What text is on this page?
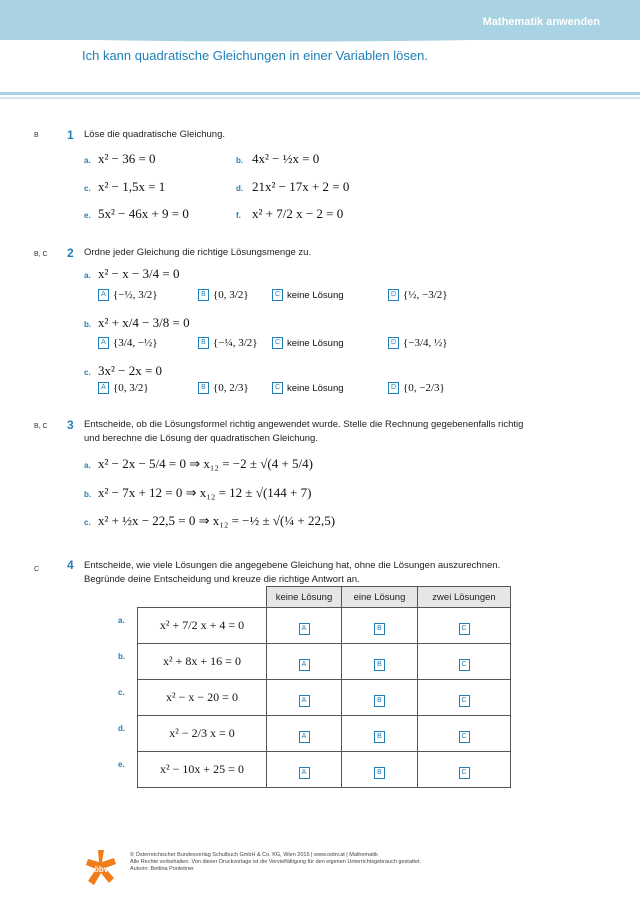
Mathematik anwenden
Ich kann quadratische Gleichungen in einer Variablen lösen.
B 1 Löse die quadratische Gleichung.
a. x² − 36 = 0	b. 4x² − ½x = 0
c. x² − 1,5x = 1	d. 21x² − 17x + 2 = 0
e. 5x² − 46x + 9 = 0	f. x² + 7/2 x − 2 = 0
B, C 2 Ordne jeder Gleichung die richtige Lösungsmenge zu.
a. x² − x − 3/4 = 0
A {−½, 3/2}	B {0, 3/2}	C keine Lösung	D {½, −3/2}
b. x² + x/4 − 3/8 = 0
A {3/4, −½}	B {−¼, 3/2}	C keine Lösung	D {−3/4, ½}
c. 3x² − 2x = 0
A {0, 3/2}	B {0, 2/3}	C keine Lösung	D {0, −2/3}
B, C 3 Entscheide, ob die Lösungsformel richtig angewendet wurde. Stelle die Rechnung gegebenenfalls richtig
und berechne die Lösung der quadratischen Gleichung.
a. x² − 2x − 5/4 = 0 ⇒ x₁₂ = −2 ± √(4 + 5/4)
b. x² − 7x + 12 = 0 ⇒ x₁₂ = 12 ± √(144 + 7)
c. x² + ½x − 22,5 = 0 ⇒ x₁₂ = −½ ± √(¼ + 22,5)
C 4 Entscheide, wie viele Lösungen die angegebene Gleichung hat, ohne die Lösungen auszurechnen.
Begründe deine Entscheidung und kreuze die richtige Antwort an.
a.
b.
c.
d.
e.
	keine Lösung	eine Lösung	zwei Lösungen
x² + 7/2 x + 4 = 0	A	B	C
x² + 8x + 16 = 0	A	B	C
x² − x − 20 = 0	A	B	C
x² − 2/3 x = 0	A	B	C
x² − 10x + 25 = 0	A	B	C
öbv
© Österreichischer Bundesverlag Schulbuch GmbH & Co. KG, Wien 2015 | www.oebv.at | Mathematik
Alle Rechte vorbehalten. Von dieser Druckvorlage ist die Vervielfältigung für den eigenen Unterrichtsgebrauch gestattet.
Autorin: Bettina Ponleitner
